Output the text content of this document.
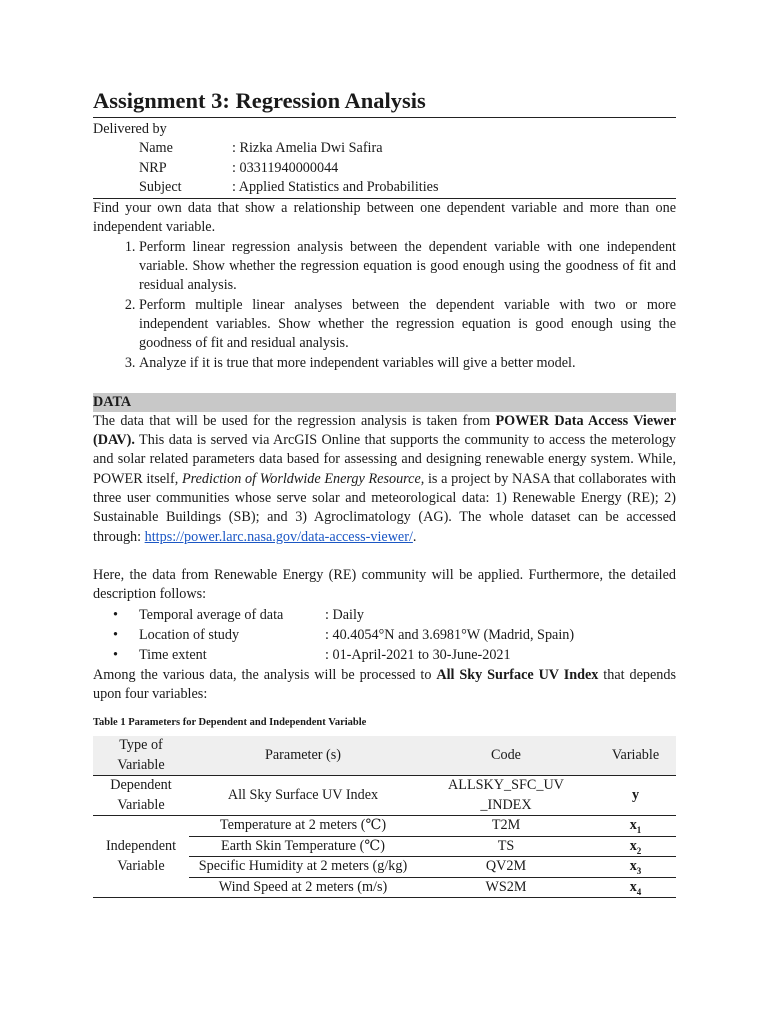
Assignment 3: Regression Analysis
Delivered by
Name	: Rizka Amelia Dwi Safira
NRP	: 03311940000044
Subject	: Applied Statistics and Probabilities
Find your own data that show a relationship between one dependent variable and more than one independent variable.
1. Perform linear regression analysis between the dependent variable with one independent variable. Show whether the regression equation is good enough using the goodness of fit and residual analysis.
2. Perform multiple linear analyses between the dependent variable with two or more independent variables. Show whether the regression equation is good enough using the goodness of fit and residual analysis.
3. Analyze if it is true that more independent variables will give a better model.
DATA
The data that will be used for the regression analysis is taken from POWER Data Access Viewer (DAV). This data is served via ArcGIS Online that supports the community to access the meterology and solar related parameters data based for assessing and designing renewable energy system. While, POWER itself, Prediction of Worldwide Energy Resource, is a project by NASA that collaborates with three user communities whose serve solar and meteorological data: 1) Renewable Energy (RE); 2) Sustainable Buildings (SB); and 3) Agroclimatology (AG). The whole dataset can be accessed through: https://power.larc.nasa.gov/data-access-viewer/.
Here, the data from Renewable Energy (RE) community will be applied. Furthermore, the detailed description follows:
•	Temporal average of data	: Daily
•	Location of study	: 40.4054°N and 3.6981°W (Madrid, Spain)
•	Time extent	: 01-April-2021 to 30-June-2021
Among the various data, the analysis will be processed to All Sky Surface UV Index that depends upon four variables:
Table 1 Parameters for Dependent and Independent Variable
Type of Variable	Parameter (s)	Code	Variable
Dependent Variable	All Sky Surface UV Index	ALLSKY_SFC_UV _INDEX	y
Independent Variable	Temperature at 2 meters (℃)	T2M	$x_1$
	Earth Skin Temperature (℃)	TS	$x_2$
	Specific Humidity at 2 meters (g/kg)	QV2M	$x_3$
	Wind Speed at 2 meters (m/s)	WS2M	$x_4$
